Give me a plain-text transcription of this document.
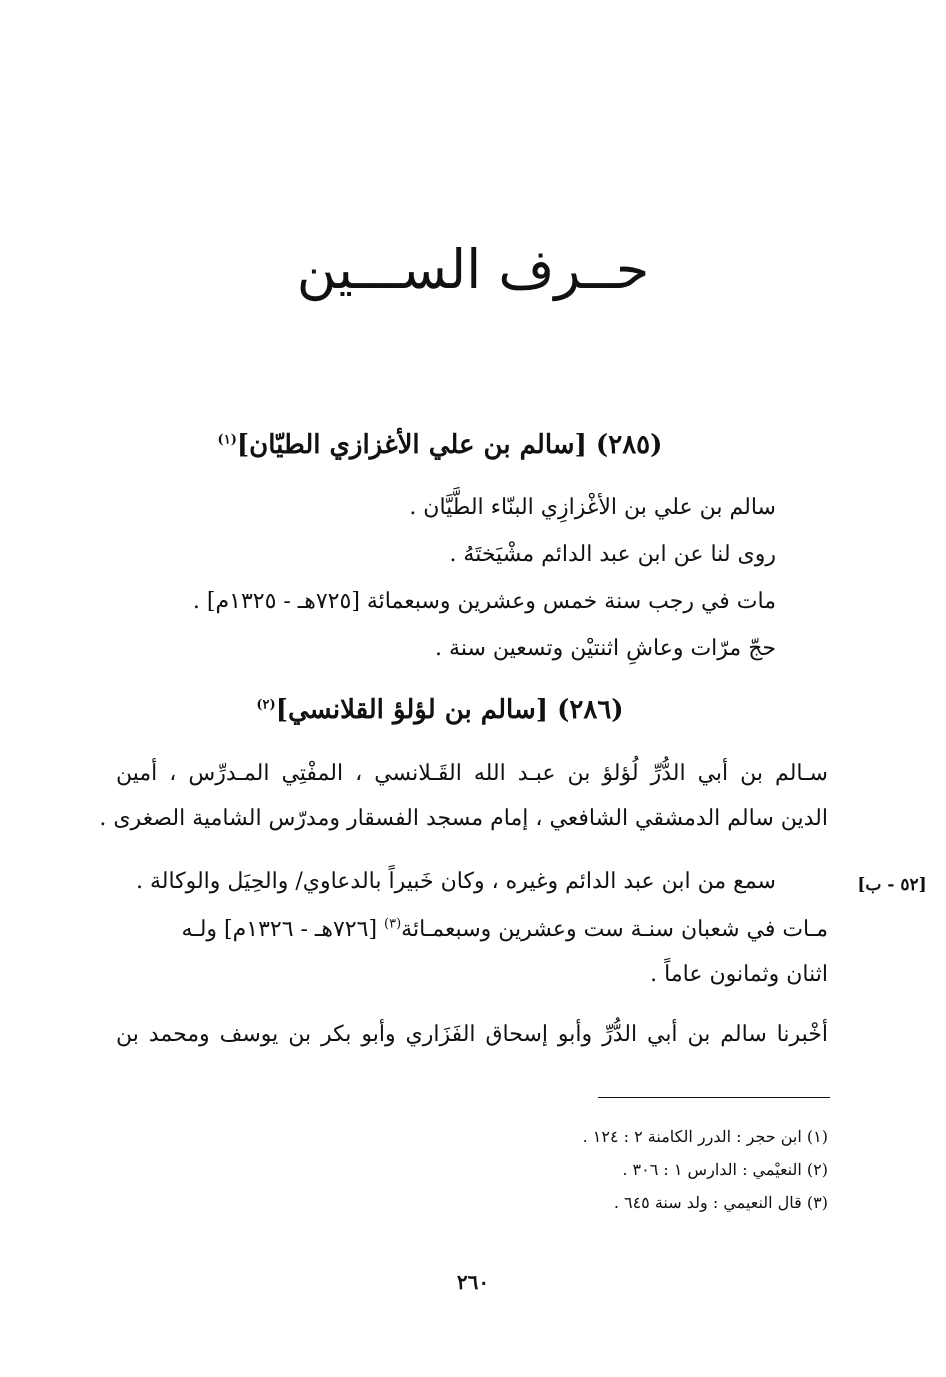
حــرف الســـين
(٢٨٥) [سالم بن علي الأغزازي الطيّان]$^{(١)}$
سالم بن علي بن الأغْزازِي البنّاء الطَّيَّان .
روى لنا عن ابن عبد الدائم مشْيَختَهُ .
مات في رجب سنة خمس وعشرين وسبعمائة [٧٢٥هـ - ١٣٢٥م] .
حجّ مرّات وعاشِ اثنتيْن وتسعين سنة .
(٢٨٦) [سالم بن لؤلؤ القلانسي]$^{(٢)}$
سـالم بن أبي الدُّرِّ لُؤلؤ بن عبـد الله القَـلانسي ، المفْتِي المـدرِّس ، أمين
الدين سالم الدمشقي الشافعي ، إمام مسجد الفسقار ومدرّس الشامية الصغرى .
سمع من ابن عبد الدائم وغيره ، وكان خَبيراً بالدعاوي/ والحِيَل والوكالة .	[٥٢ - ب]
مـات في شعبان سنـة ست وعشرين وسبعمـائة$^{(٣)}$ [٧٢٦هـ - ١٣٢٦م] ولـه
اثنان وثمانون عاماً .
أخْبرنا سالم بن أبي الدُّرِّ وأبو إسحاق الفَزَاري وأبو بكر بن يوسف ومحمد بن
(١) ابن حجر : الدرر الكامنة ٢ : ١٢٤ .
(٢) النعيْمي : الدارس ١ : ٣٠٦ .
(٣) قال النعيمي : ولد سنة ٦٤٥ .
٢٦٠
